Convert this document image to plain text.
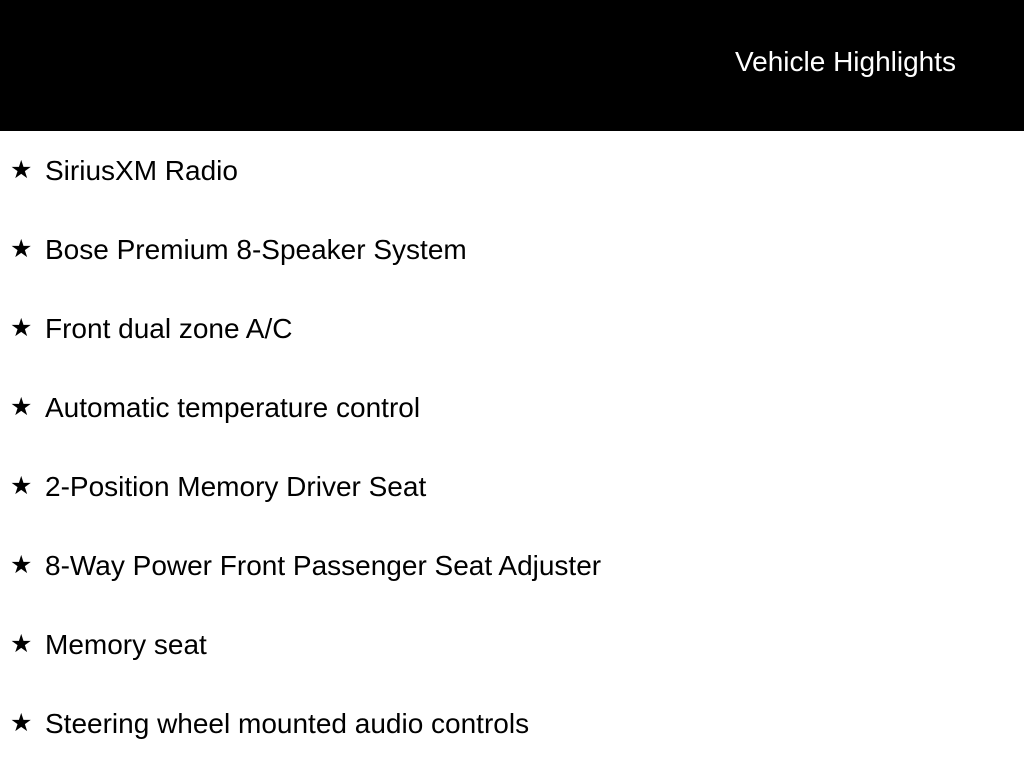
Vehicle Highlights
★ SiriusXM Radio
★ Bose Premium 8-Speaker System
★ Front dual zone A/C
★ Automatic temperature control
★ 2-Position Memory Driver Seat
★ 8-Way Power Front Passenger Seat Adjuster
★ Memory seat
★ Steering wheel mounted audio controls
